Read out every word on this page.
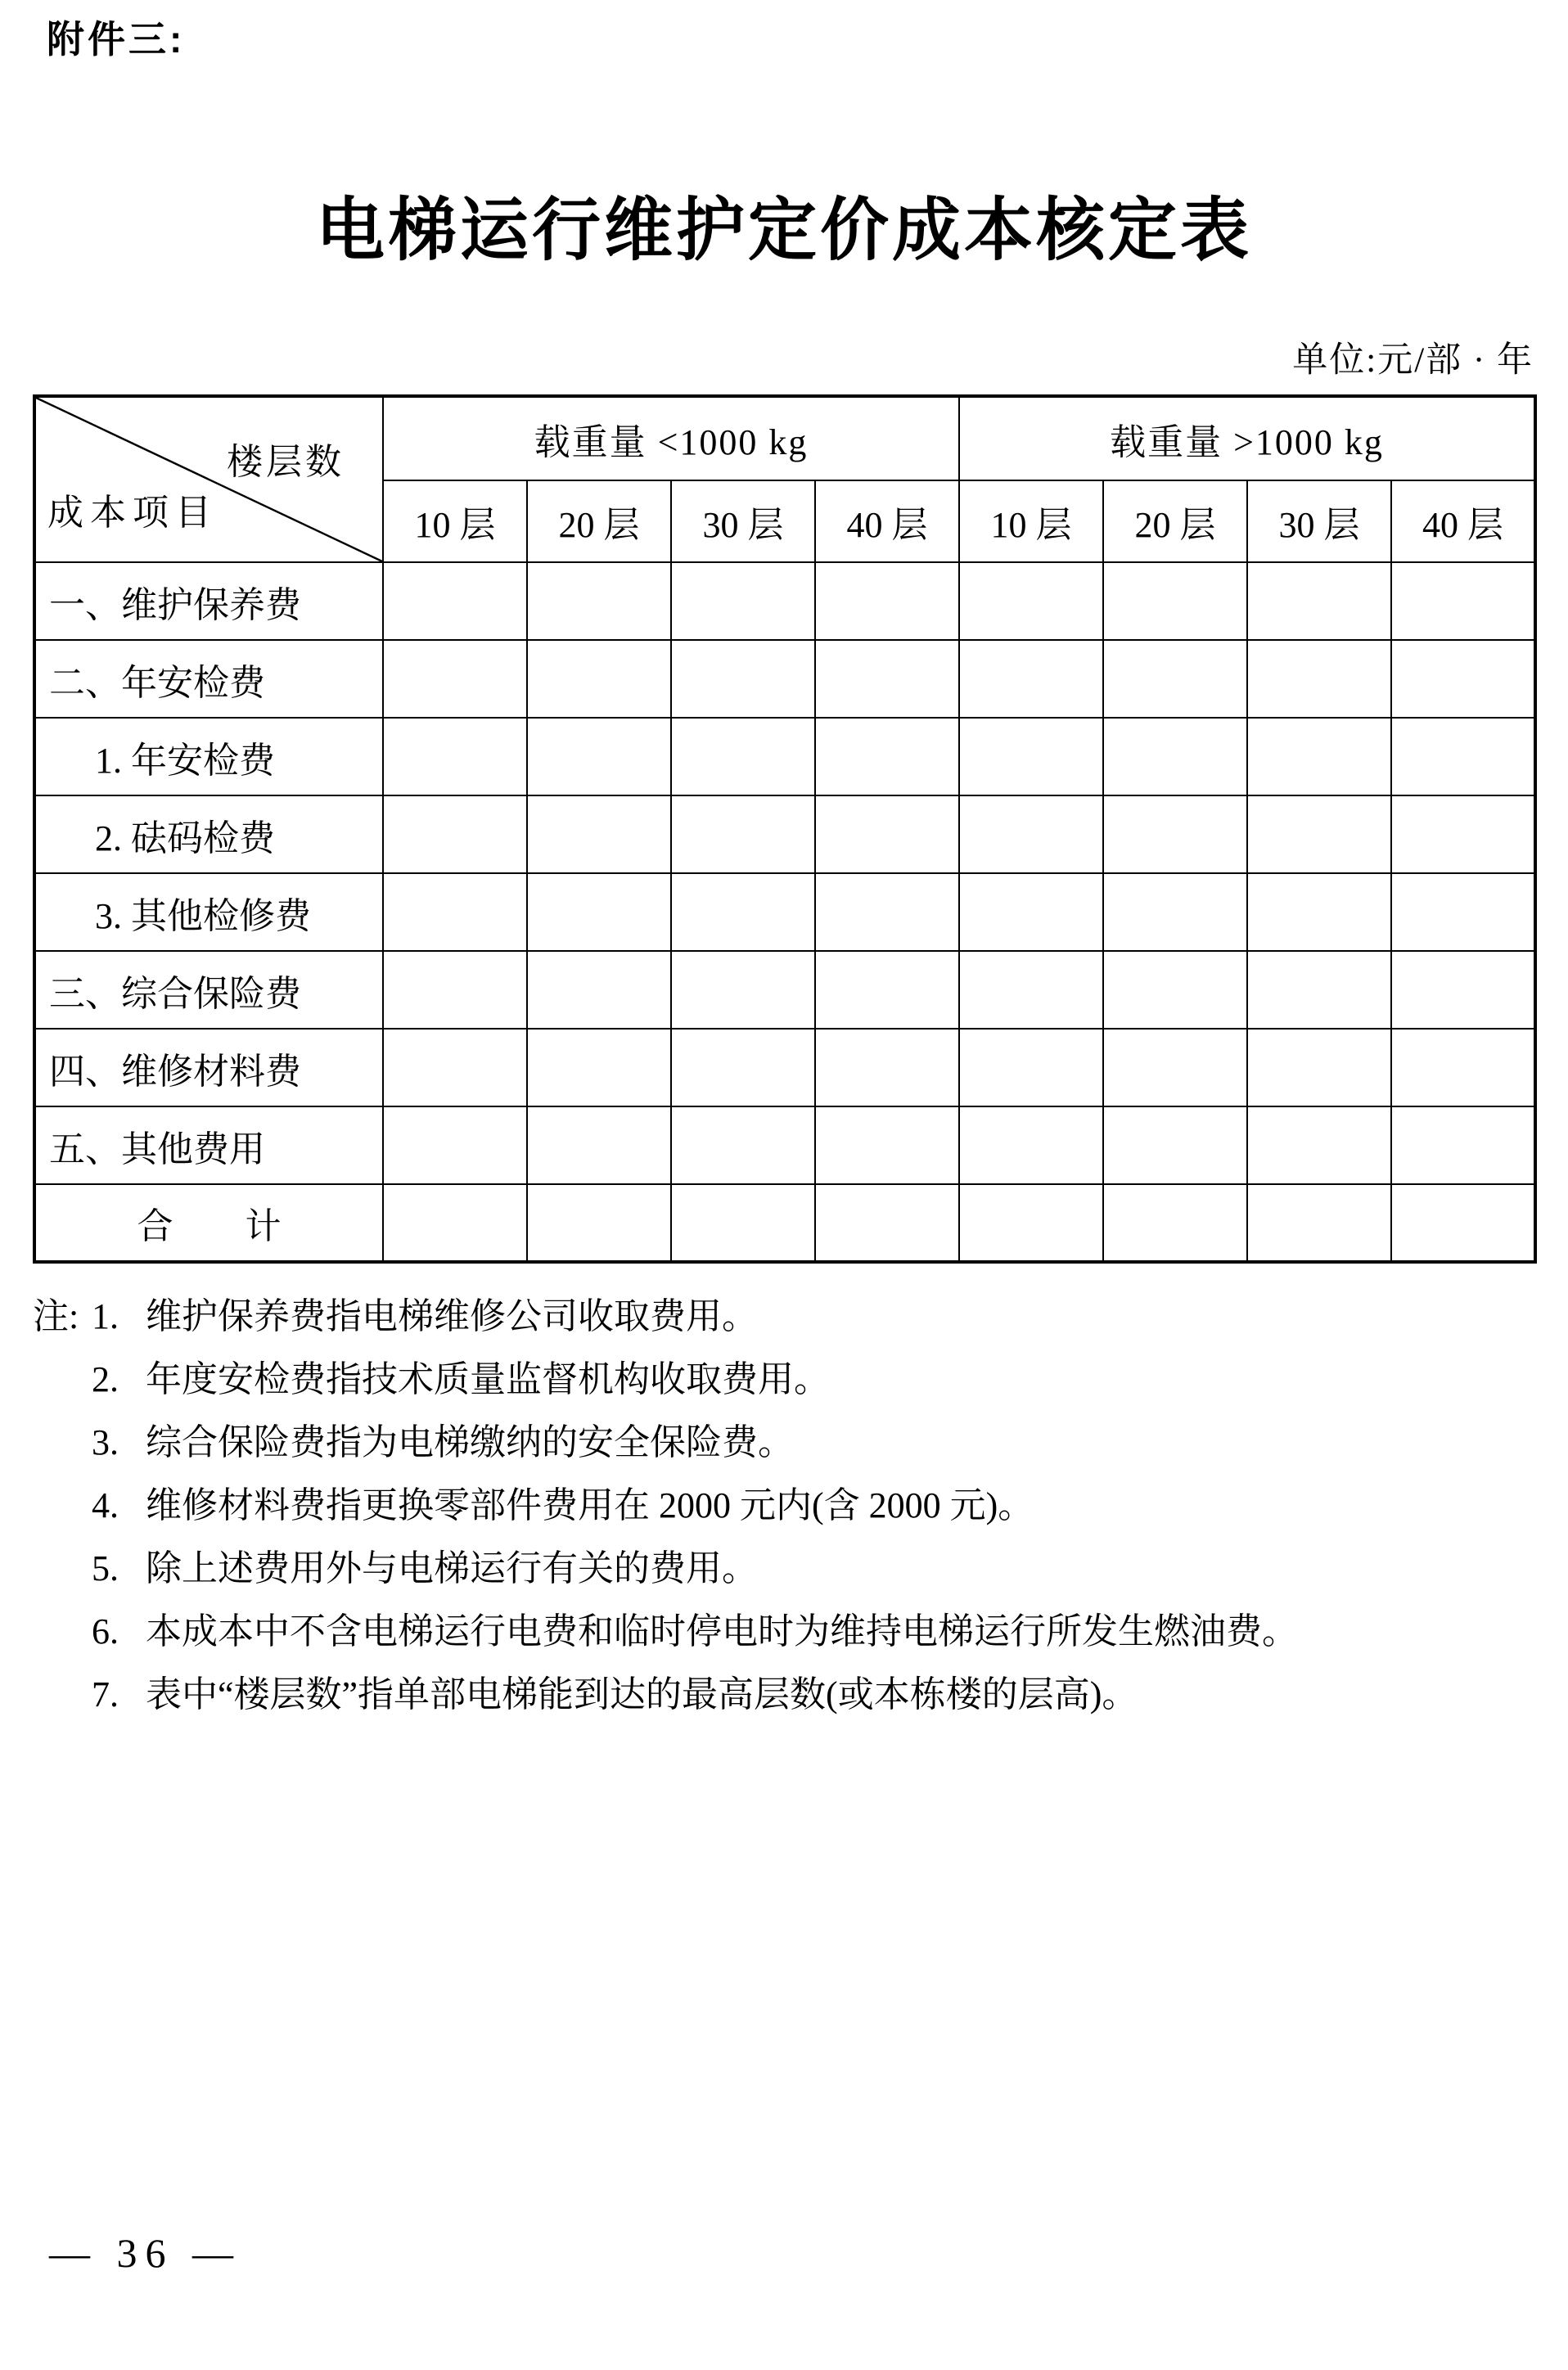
附件三:
电梯运行维护定价成本核定表
单位:元/部 · 年
楼层数
成本项目	载重量 <1000 kg				载重量 >1000 kg			
	10 层	20 层	30 层	40 层	10 层	20 层	30 层	40 层
一、维护保养费								
二、年安检费								
1. 年安检费								
2. 砝码检费								
3. 其他检修费								
三、综合保险费								
四、维修材料费								
五、其他费用								
合　　计								
注: 1. 维护保养费指电梯维修公司收取费用。
2. 年度安检费指技术质量监督机构收取费用。
3. 综合保险费指为电梯缴纳的安全保险费。
4. 维修材料费指更换零部件费用在 2000 元内(含 2000 元)。
5. 除上述费用外与电梯运行有关的费用。
6. 本成本中不含电梯运行电费和临时停电时为维持电梯运行所发生燃油费。
7. 表中“楼层数”指单部电梯能到达的最高层数(或本栋楼的层高)。
— 36 —
